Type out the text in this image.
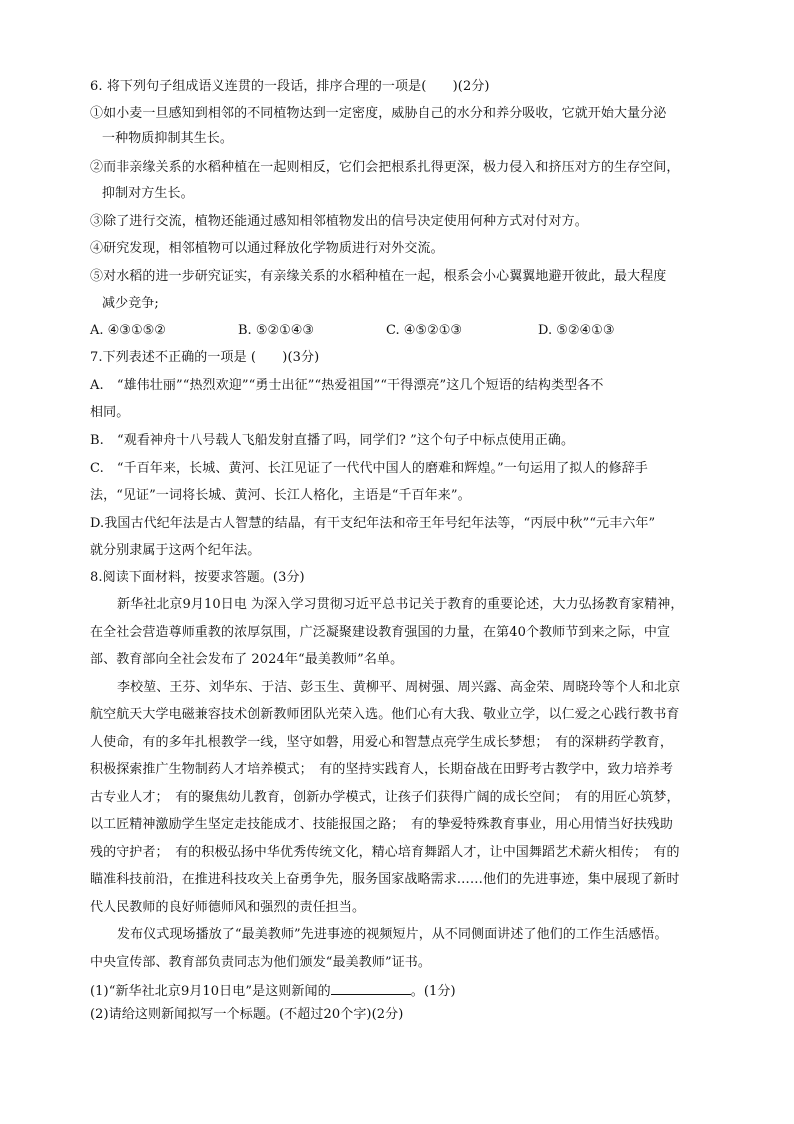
6. 将下列句子组成语义连贯的一段话，排序合理的一项是(　　)(2分)
①如小麦一旦感知到相邻的不同植物达到一定密度，威胁自己的水分和养分吸收，它就开始大量分泌
一种物质抑制其生长。
②而非亲缘关系的水稻种植在一起则相反，它们会把根系扎得更深，极力侵入和挤压对方的生存空间，
抑制对方生长。
③除了进行交流，植物还能通过感知相邻植物发出的信号决定使用何种方式对付对方。
④研究发现，相邻植物可以通过释放化学物质进行对外交流。
⑤对水稻的进一步研究证实，有亲缘关系的水稻种植在一起，根系会小心翼翼地避开彼此，最大程度
减少竞争;
A. ④③①⑤②	B. ⑤②①④③	C. ④⑤②①③	D. ⑤②④①③
7.下列表述不正确的一项是 (　　)(3分)
A.　“雄伟壮丽”“热烈欢迎”“勇士出征”“热爱祖国”“干得漂亮”这几个短语的结构类型各不
相同。
B.　“观看神舟十八号载人飞船发射直播了吗，同学们? ”这个句子中标点使用正确。
C.　“千百年来，长城、黄河、长江见证了一代代中国人的磨难和辉煌。”一句运用了拟人的修辞手
法，“见证”一词将长城、黄河、长江人格化，主语是“千百年来”。
D.我国古代纪年法是古人智慧的结晶，有干支纪年法和帝王年号纪年法等，“丙辰中秋”“元丰六年”
就分别隶属于这两个纪年法。
8.阅读下面材料，按要求答题。(3分)
新华社北京9月10日电 为深入学习贯彻习近平总书记关于教育的重要论述，大力弘扬教育家精神，
在全社会营造尊师重教的浓厚氛围，广泛凝聚建设教育强国的力量，在第40个教师节到来之际，中宣
部、教育部向全社会发布了 2024年“最美教师”名单。
李校堃、王芬、刘华东、于洁、彭玉生、黄柳平、周树强、周兴露、高金荣、周晓玲等个人和北京
航空航天大学电磁兼容技术创新教师团队光荣入选。他们心有大我、敬业立学，以仁爱之心践行教书育
人使命，有的多年扎根教学一线，坚守如磐，用爱心和智慧点亮学生成长梦想；　有的深耕药学教育，
积极探索推广生物制药人才培养模式；　有的坚持实践育人，长期奋战在田野考古教学中，致力培养考
古专业人才；　有的聚焦幼儿教育，创新办学模式，让孩子们获得广阔的成长空间；　有的用匠心筑梦，
以工匠精神激励学生坚定走技能成才、技能报国之路；　有的挚爱特殊教育事业，用心用情当好扶残助
残的守护者；　有的积极弘扬中华优秀传统文化，精心培育舞蹈人才，让中国舞蹈艺术薪火相传；　有的
瞄准科技前沿，在推进科技攻关上奋勇争先，服务国家战略需求……他们的先进事迹，集中展现了新时
代人民教师的良好师德师风和强烈的责任担当。
发布仪式现场播放了“最美教师”先进事迹的视频短片，从不同侧面讲述了他们的工作生活感悟。
中央宣传部、教育部负责同志为他们颁发“最美教师”证书。
(1)“新华社北京9月10日电”是这则新闻的	。(1分)
(2)请给这则新闻拟写一个标题。(不超过20个字)(2分)
